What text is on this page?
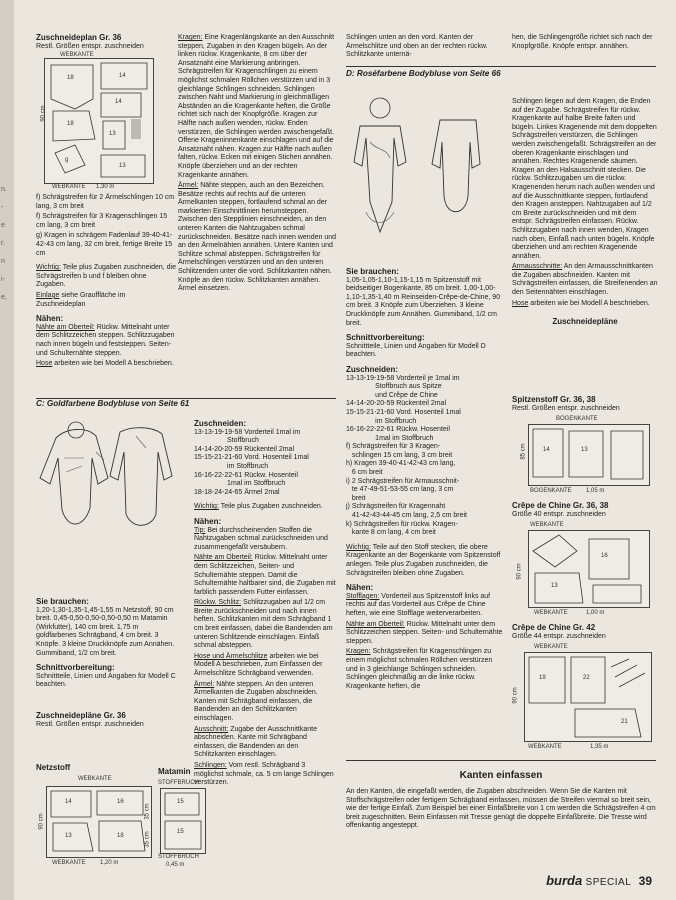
n.
-
e
r.
n
i-
e,
Zuschneideplan Gr. 36
Restl. Größen entspr. zuschneiden
18	14
14
18
13
g
13
WEBKANTE
WEBKANTE 1,30 m
90 cm
f) Schrägstreifen für 2 Ärmelschlingen 10 cm lang, 3 cm breit
f) Schrägstreifen für 3 Kragenschlingen 15 cm lang, 3 cm breit
g) Kragen in schrägem Fadenlauf 39-40-41-42-43 cm lang, 32 cm breit, fertige Breite 15 cm
Wichtig: Teile plus Zugaben zuschneiden, die Schrägstreifen b und f bleiben ohne Zugaben.
Einlage siehe Grauffläche im Zuschneideplan
Nähen:
Nähte am Oberteil: Rückw. Mittelnaht unter dem Schlitzzeichen steppen. Schlitzzugaben nach innen bügeln und feststeppen. Seiten- und Schulternähte steppen.
Hose arbeiten wie bei Modell A beschrieben.
C: Goldfarbene Bodybluse von Seite 61
Sie brauchen:
1,20-1,30-1,35-1,45-1,55 m Netzstoff, 90 cm breit. 0,45-0,50-0,50-0,50-0,50 m Matamin (Wirkfutter), 140 cm breit. 1,75 m goldfarbenes Schrägband, 4 cm breit. 3 Knöpfe. 3 kleine Druckknöpfe zum Annähen. Gummiband, 1/2 cm breit.
Schnittvorbereitung:
Schnittteile, Linien und Angaben für Modell C beachten.
Zuschneidepläne Gr. 36
Restl. Größen entspr. zuschneiden
Netzstoff
WEBKANTE
14	16
13	18
90 cm
WEBKANTE 1,20 m
Matamin
STOFFBRUCH
15
15
35 cm
35 cm
STOFFBRUCH
0,45 m
Kragen: Eine Kragenlängskante an den Ausschnitt steppen, Zugaben in den Kragen bügeln. An der linken rückw. Kragenkante, 8 cm über der Ansatznaht eine Markierung anbringen. Schrägstreifen für Kragenschlingen zu einem möglichst schmalen Röllchen verstürzen und in 3 gleichlange Schlingen schneiden. Schlingen zwischen Naht und Markierung in gleichmäßigen Abständen an die Kragenkante heften, die Größe richtet sich nach der Knopfgröße. Kragen zur Hälfte nach außen wenden, rückw. Enden verstürzen, die Schlingen werden zwischengefaßt. Offene Krageninnenkante einschlagen und auf die Ansatznaht nähen. Kragen zur Hälfte nach außen falten, rückw. Ecken mit einigen Stichen annähen. Knöpfe überziehen und an der rechten Kragenkante annähen.
Ärmel: Nähte steppen, auch an den Bezeichen. Besätze rechts auf rechts auf die unteren Ärmelkanten steppen, fortlaufend schmal an der markierten Einschnittlinien herumsteppen. Zwischen den Stepplinien einschneiden, an den unteren Kanten die Nahtzugaben schmal zurückschneiden. Besätze nach innen wenden und an den Ärmelnähten annähen. Untere Kanten und Schlitze schmal absteppen. Schrägstreifen für Ärmelschlingen verstürzen und an den unteren Schlitzenden unter die vord. Schlitzkanten nähen. Knöpfe an den rückw. Schlitzkanten annähen. Ärmel einsetzen.
Zuschneiden:
13-13-19-19-58 Vorderteil 1mal im
Stoffbruch
14-14-20-20-59 Rückenteil 2mal
15-15-21-21-60 Vord. Hosenteil 1mal
im Stoffbruch
16-16-22-22-61 Rückw. Hosenteil
1mal im Stoffbruch
18-18-24-24-65 Ärmel 2mal
Wichtig: Teile plus Zugaben zuschneiden.
Nähen:
Tip: Bei durchscheinenden Stoffen die Nahtzugaben schmal zurückschneiden und zusammengefaßt versäubern.
Nähte am Oberteil: Rückw. Mittelnaht unter dem Schlitzzeichen, Seiten- und Schulternähte steppen. Damit die Schulternähte haltbarer sind, die Zugaben mit farblich passendem Futter einfassen.
Rückw. Schlitz: Schlitzzugaben auf 1/2 cm Breite zurückschneiden und nach innen heften. Schlitzkanten mit dem Schrägband 1 cm breit einfassen, dabei die Bandenden am unteren Schlitzende einschlagen. Einfaß schmal absteppen.
Hose und Ärmelschlitze arbeiten wie bei Modell A beschrieben, zum Einfassen der Ärmelschlitze Schrägband verwenden.
Ärmel: Nähte steppen. An den unteren Ärmelkanten die Zugaben abschneiden. Kanten mit Schrägband einfassen, die Bandenden an den Schlitzkanten einschlagen.
Ausschnitt: Zugabe der Ausschnittkante abschneiden. Kante mit Schrägband einfassen, die Bandenden an den Schlitzkanten einschlagen.
Schlingen: Vom restl. Schrägband 3 möglichst schmale, ca. 5 cm lange Schlingen verstürzen.
Schlingen unten an den vord. Kanten der Ärmelschlitze und oben an der rechten rückw. Schlitzkante unternä-
D: Roséfarbene Bodybluse von Seite 66
Sie brauchen:
1,05-1,05-1,10-1,15-1,15 m Spitzenstoff mit beidseitiger Bogenkante, 85 cm breit. 1,00-1,00-1,10-1,35-1,40 m Reinseiden-Crêpe-de-Chine, 90 cm breit. 3 Knöpfe zum Überziehen. 3 kleine Druckknöpfe zum Annähen. Gummiband, 1/2 cm breit.
Schnittvorbereitung:
Schnittteile, Linien und Angaben für Modell D beachten.
Zuschneiden:
13-13-19-19-58 Vorderteil je 1mal im
Stoffbruch aus Spitze
und Crêpe de Chine
14-14-20-20-59 Rückenteil 2mal
15-15-21-21-60 Vord. Hosenteil 1mal
im Stoffbruch
16-16-22-22-61 Rückw. Hosenteil
1mal im Stoffbruch
f) Schrägstreifen für 3 Kragen-
schlingen 15 cm lang, 3 cm breit
h) Kragen 39-40-41-42-43 cm lang,
6 cm breit
i) 2 Schrägstreifen für Armausschnit-
te 47-49-51-53-55 cm lang, 3 cm
breit
j) Schrägstreifen für Kragennaht
41-42-43-44-45 cm lang, 2,5 cm breit
k) Schrägstreifen für rückw. Kragen-
kante 8 cm lang, 4 cm breit
Wichtig: Teile auf den Stoff stecken, die obere Kragenkante an der Bogenkante vom Spitzenstoff anlegen. Teile plus Zugaben zuschneiden, die Schrägstreifen bleiben ohne Zugaben.
Nähen:
Stofflagen: Vorderteil aus Spitzenstoff links auf rechts auf das Vorderteil aus Crêpe de Chine heften, wie eine Stofflage weiterverarbeiten.
Nähte am Oberteil: Rückw. Mittelnaht unter dem Schlitzzeichen steppen. Seiten- und Schulternähte steppen.
Kragen: Schrägstreifen für Kragenschlingen zu einem möglichst schmalen Röllchen verstürzen und in 3 gleichlange Schlingen schneiden. Schlingen gleichmäßig an die linke rückw. Kragenkante heften, die
hen, die Schlingengröße richtet sich nach der Knopfgröße. Knöpfe entspr. annähen.
Schlingen liegen auf dem Kragen, die Enden auf der Zugabe. Schrägstreifen für rückw. Kragenkante auf halbe Breite falten und bügeln. Linkes Kragenende mit dem doppelten Schrägstreifen verstürzen, die Schlingen werden zwischengefaßt. Schrägstreifen an der oberen Kragenkante einschlagen und annähen. Rechtes Kragenende säumen. Kragen an den Halsausschnitt stecken. Die rückw. Schlitzzugaben um die rückw. Kragenenden herum nach außen wenden und auf die Ausschnittkante steppen, fortlaufend den Kragen ansteppen. Nahtzugaben auf 1/2 cm Breite zurückschneiden und mit dem entspr. Schrägstreifen einfassen. Rückw. Schlitzzugaben nach innen wenden, Kragen nach oben, Einfaß nach unten bügeln. Knöpfe überziehen und am rechten Kragenende annähen.
Armausschnitte: An den Armausschnittkanten die Zugaben abschneiden. Kanten mit Schrägstreifen einfassen, die Streifenenden an den Seitennähten einschlagen.
Hose arbeiten wie bei Modell A beschrieben.
Zuschneidepläne
Spitzenstoff Gr. 36, 38
Restl. Größen entspr. zuschneiden
BOGENKANTE
14	13
85 cm
BOGENKANTE 1,05 m
Crêpe de Chine Gr. 36, 38
Größe 40 entspr. zuschneiden
WEBKANTE
16
13
90 cm
WEBKANTE	1,00 m
Crêpe de Chine Gr. 42
Größe 44 entspr. zuschneiden
WEBKANTE
19	22
21
90 cm
WEBKANTE	1,35 m
Kanten einfassen
An den Kanten, die eingefaßt werden, die Zugaben abschneiden. Wenn Sie die Kanten mit Stoffschrägstreifen oder fertigem Schrägband einfassen, müssen die Streifen viermal so breit sein, wie der fertige Einfaß. Zum Beispiel bei einer Einfaßbreite von 1 cm werden die Schrägstreifen 4 cm breit zugeschnitten. Beim Einfassen mit Tresse genügt die doppelte Einfaßbreite. Die Tresse wird offenkantig angesteppt.
burda SPECIAL 39
